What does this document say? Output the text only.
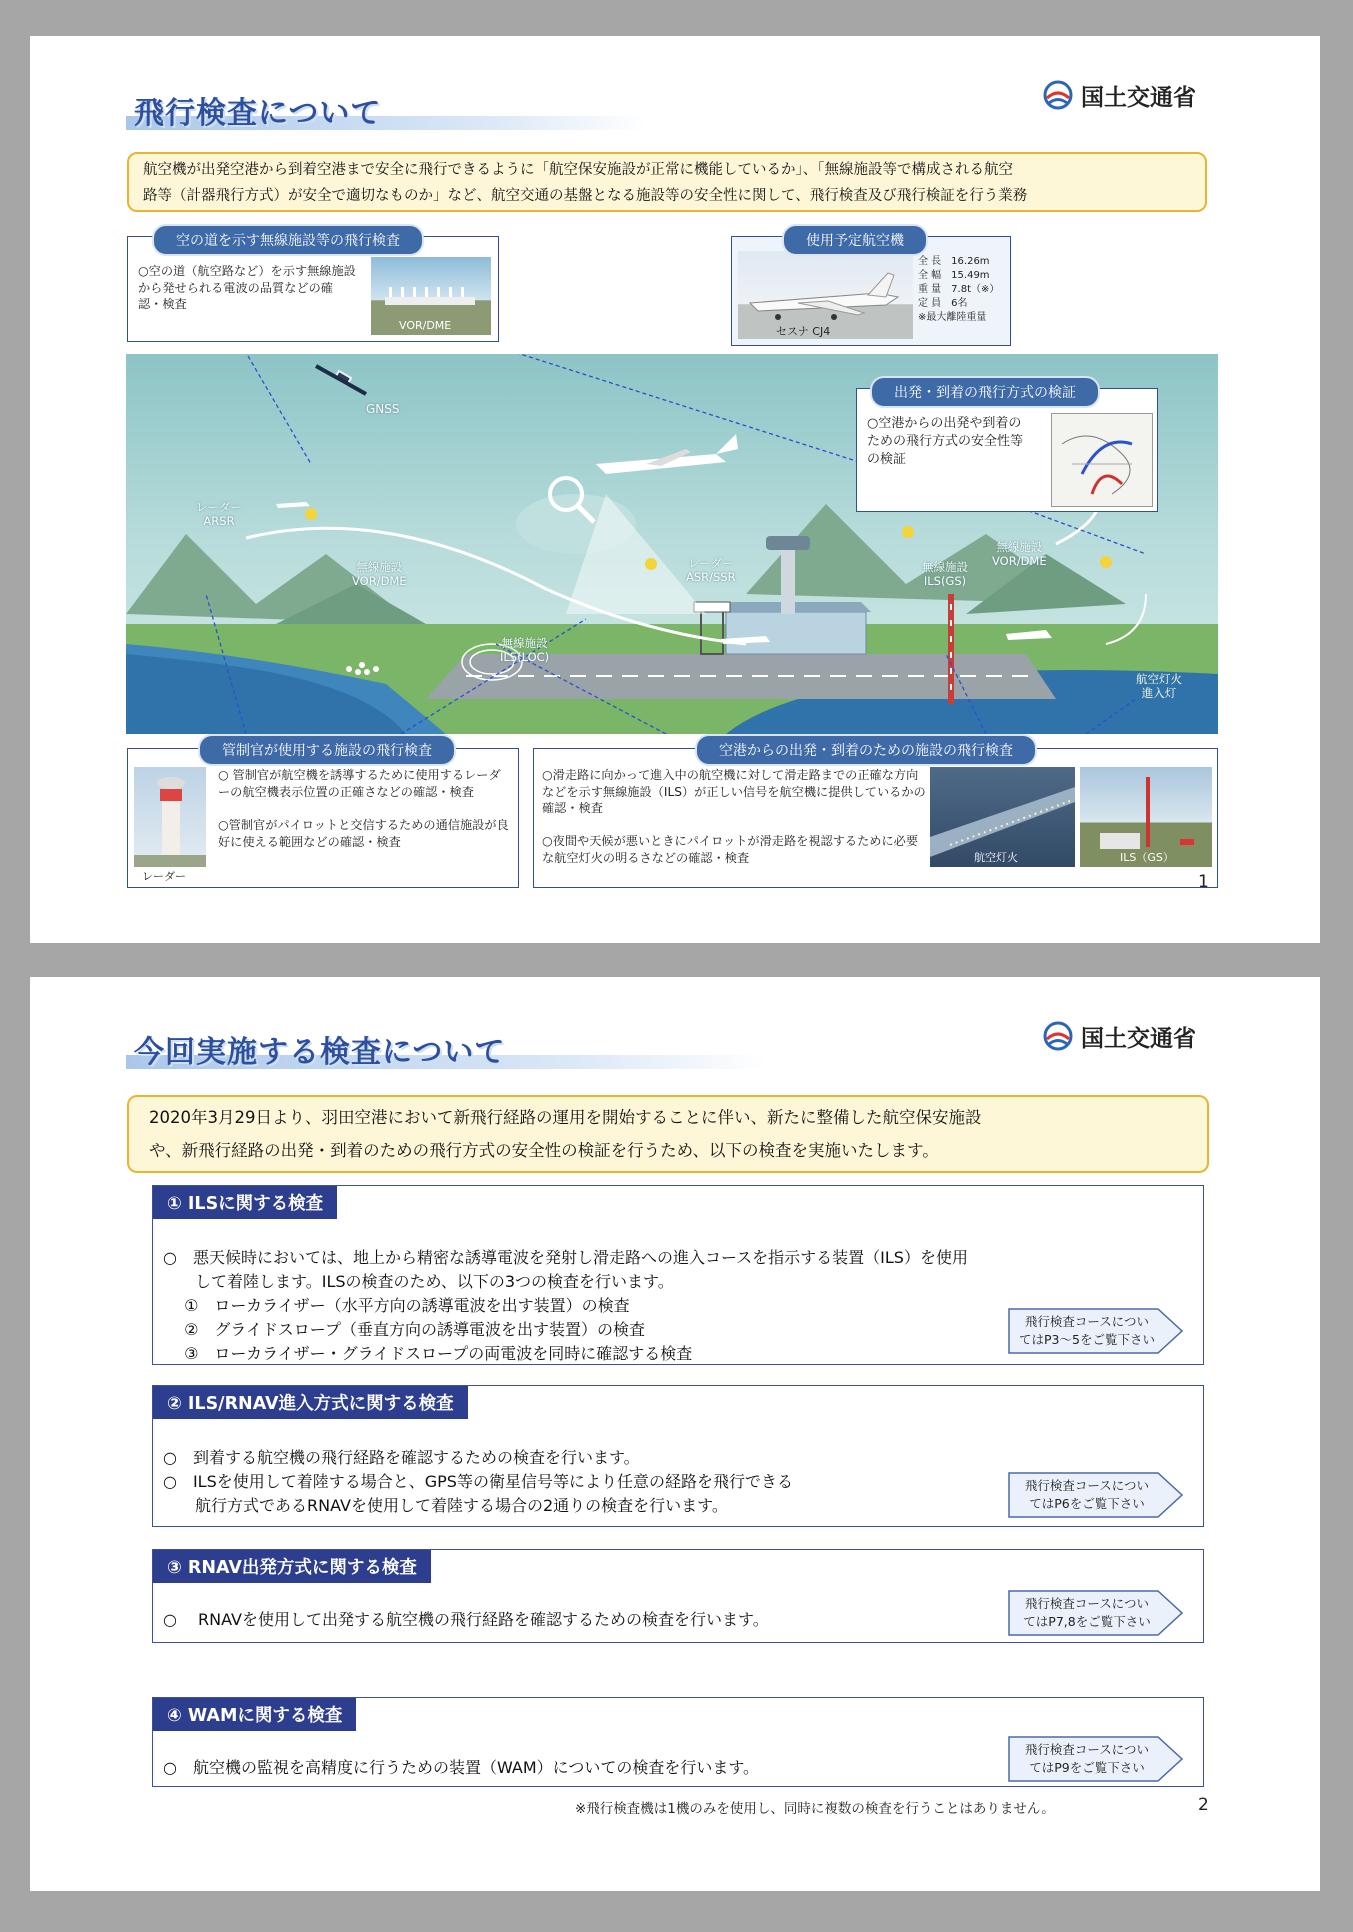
飛行検査について	国土交通省
航空機が出発空港から到着空港まで安全に飛行できるように「航空保安施設が正常に機能しているか」、「無線施設等で構成される航空
路等（計器飛行方式）が安全で適切なものか」など、航空交通の基盤となる施設等の安全性に関して、飛行検査及び飛行検証を行う業務
GNSS
レーダー
ARSR
無線施設
VOR/DME
レーダー
ASR/SSR
無線施設
ILS(LOC)
無線施設
ILS(GS)
無線施設
VOR/DME
航空灯火
進入灯
○空の道（航空路など）を示す無線施設から発せられる電波の品質などの確認・検査
VOR/DME
空の道を示す無線施設等の飛行検査
セスナ CJ4
全 長　16.26m
全 幅　15.49m
重 量　7.8t（※）
定 員　6名
※最大離陸重量
使用予定航空機
○空港からの出発や到着のための飛行方式の安全性等の検証
出発・到着の飛行方式の検証
レーダー
○ 管制官が航空機を誘導するために使用するレーダーの航空機表示位置の正確さなどの確認・検査
○管制官がパイロットと交信するための通信施設が良好に使える範囲などの確認・検査
管制官が使用する施設の飛行検査
○滑走路に向かって進入中の航空機に対して滑走路までの正確な方向などを示す無線施設（ILS）が正しい信号を航空機に提供しているかの確認・検査
○夜間や天候が悪いときにパイロットが滑走路を視認するために必要な航空灯火の明るさなどの確認・検査	航空灯火	ILS（GS）
空港からの出発・到着のための施設の飛行検査
1
今回実施する検査について	国土交通省
2020年3月29日より、羽田空港において新飛行経路の運用を開始することに伴い、新たに整備した航空保安施設
や、新飛行経路の出発・到着のための飛行方式の安全性の検証を行うため、以下の検査を実施いたします。
① ILSに関する検査
○　悪天候時においては、地上から精密な誘導電波を発射し滑走路への進入コースを指示する装置（ILS）を使用
　　して着陸します。ILSの検査のため、以下の3つの検査を行います。
　 ①　ローカライザー（水平方向の誘導電波を出す装置）の検査
　 ②　グライドスロープ（垂直方向の誘導電波を出す装置）の検査
　 ③　ローカライザー・グライドスロープの両電波を同時に確認する検査
飛行検査コースについ
てはP3～5をご覧下さい
② ILS/RNAV進入方式に関する検査
○　到着する航空機の飛行経路を確認するための検査を行います。
○　ILSを使用して着陸する場合と、GPS等の衛星信号等により任意の経路を飛行できる
　　航行方式であるRNAVを使用して着陸する場合の2通りの検査を行います。
飛行検査コースについ
てはP6をご覧下さい
③ RNAV出発方式に関する検査
○　 RNAVを使用して出発する航空機の飛行経路を確認するための検査を行います。
飛行検査コースについ
てはP7,8をご覧下さい
④ WAMに関する検査
○　航空機の監視を高精度に行うための装置（WAM）についての検査を行います。
飛行検査コースについ
てはP9をご覧下さい
※飛行検査機は1機のみを使用し、同時に複数の検査を行うことはありません。	2
